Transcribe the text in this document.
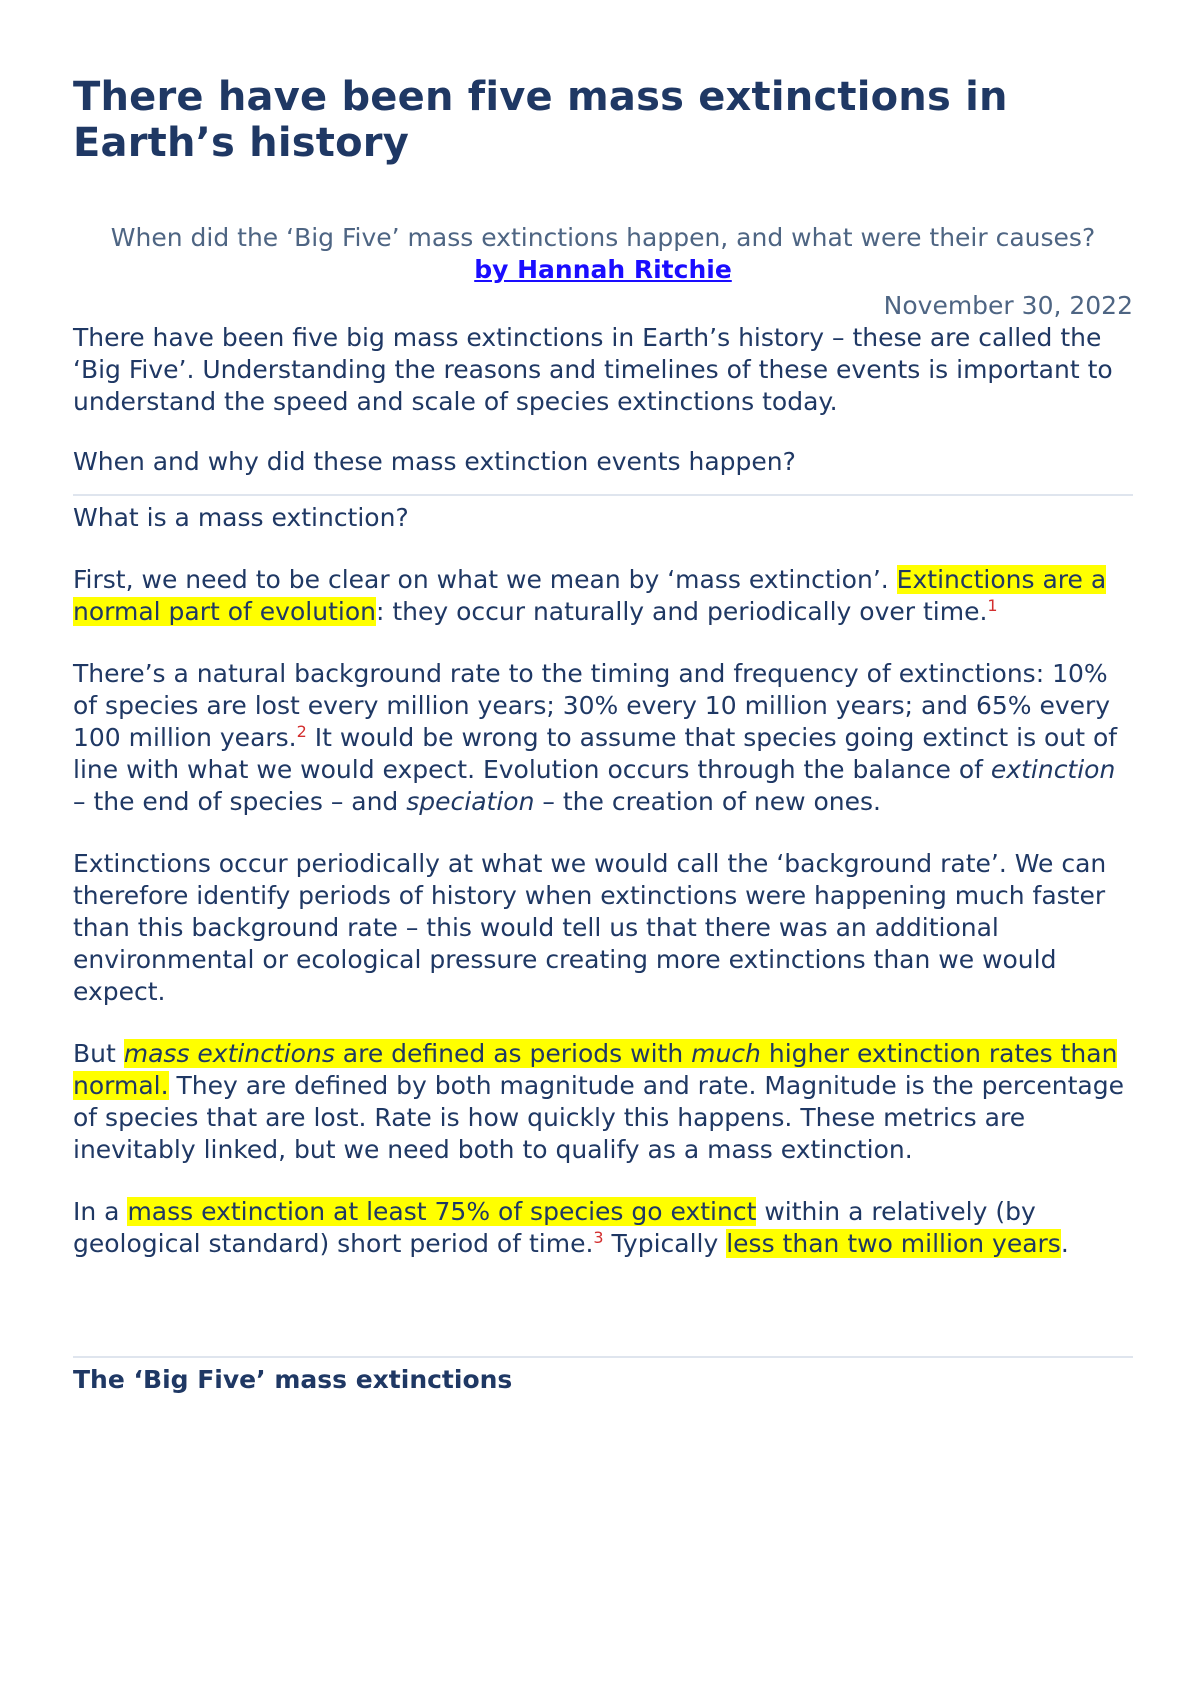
There have been five mass extinctions in Earth’s history
When did the ‘Big Five’ mass extinctions happen, and what were their causes?
by Hannah Ritchie
November 30, 2022

There have been five big mass extinctions in Earth’s history – these are called the ‘Big Five’. Understanding the reasons and timelines of these events is important to understand the speed and scale of species extinctions today.

When and why did these mass extinction events happen?

What is a mass extinction?

First, we need to be clear on what we mean by ‘mass extinction’. Extinctions are a normal part of evolution: they occur naturally and periodically over time.$^1$

There’s a natural background rate to the timing and frequency of extinctions: 10% of species are lost every million years; 30% every 10 million years; and 65% every 100 million years.$^2$ It would be wrong to assume that species going extinct is out of line with what we would expect. Evolution occurs through the balance of extinction – the end of species – and speciation – the creation of new ones.

Extinctions occur periodically at what we would call the ‘background rate’. We can therefore identify periods of history when extinctions were happening much faster than this background rate – this would tell us that there was an additional environmental or ecological pressure creating more extinctions than we would expect.

But mass extinctions are defined as periods with much higher extinction rates than normal. They are defined by both magnitude and rate. Magnitude is the percentage of species that are lost. Rate is how quickly this happens. These metrics are inevitably linked, but we need both to qualify as a mass extinction.

In a mass extinction at least 75% of species go extinct within a relatively (by geological standard) short period of time.$^3$ Typically less than two million years.

The ‘Big Five’ mass extinctions
